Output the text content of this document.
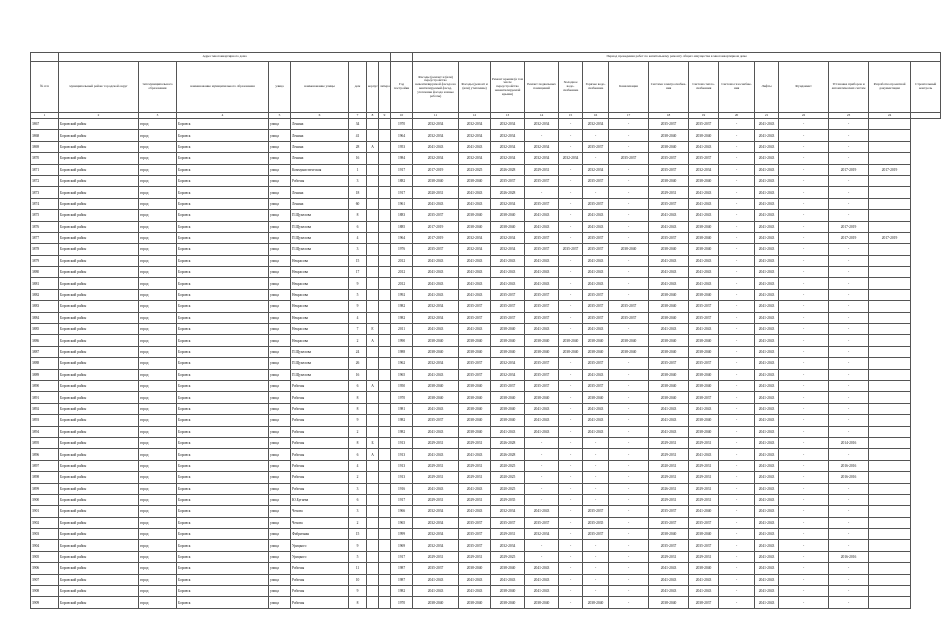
	Адрес многоквартирного дома									Период проведения работ по капитальному ремонту общего имущества в многоквартирном доме														
№ п/п	муниципальный район/ городской округ	тип муниципального образования	наименование муниципального образования	улица	наименование улицы	дом	корпус	литера	Год постройки	Фасады (ремонт и (или) переустройство невентилируемой фасада на вентилируемый фасад, утепление фасада и иные работы)	Фасады (ремонт и (или) утепление)	Ремонт крыши (в том числе переустройство невентилируемой крыши)	Ремонт подвальных помещений	Холодное водо-снабжение	Горячее водо-снабжение	Канализация	Система электроснабже-ния	Система тепло-снабжения	Система газоснабже-ния	Лифты	Фундамент	Установка приборов и автоматических систем	Разработка проектной документации	Строительный контроль
1	2	3	4	5	6	7	8	9	10	11	12	13	14	15	16	17	18	19	20	21	22	23	24	
3867	Боровский район	город	Боровск	улица	Ленина	34			1970	2032-2034	2032-2034	2032-2034	2032-2034	-	2032-2034	-	2035-2037	2035-2037	-	2041-2043	-	-		
3868	Боровский район	город	Боровск	улица	Ленина	41			1964	2032-2034	2032-2034	2032-2034	-	-	-	-	2038-2040	2038-2040	-	2041-2043	-	-		
3869	Боровский район	город	Боровск	улица	Ленина	28	А		1953	2041-2043	2041-2043	2032-2034	2032-2034	-	2035-2037	-	2038-2040	2041-2043	-	2041-2043	-	-		
3870	Боровский район	город	Боровск	улица	Ленина	16			1984	2032-2034	2032-2034	2032-2034	2032-2034	2032-2034	-	2035-2037	2035-2037	2035-2037	-	2041-2043	-	-		
3871	Боровский район	город	Боровск	улица	Коммунистическая	1			1917	2017-2019	2023-2025	2026-2028	2029-2031	-	2032-2034	-	2035-2037	2032-2034	-	2041-2043	-	2017-2019	2017-2019	
3872	Боровский район	город	Боровск	улица	Рабочая	3			1882	2038-2040	2038-2040	2035-2037	2035-2037	-	2035-2037	-	2038-2040	2038-2040	-	2041-2043	-	-		
3873	Боровский район	город	Боровск	улица	Ленина	18			1917	2020-2031	2041-2043	2026-2028	-	-	-	-	2029-2031	2041-2043	-	2041-2043	-	-		
3874	Боровский район	город	Боровск	улица	Ленина	60			1961	2041-2043	2041-2043	2032-2034	2035-2037	-	2035-2037	-	2035-2037	2041-2043	-	2041-2043	-	-		
3875	Боровский район	город	Боровск	улица	П.Щукелова	8			1883	2035-2037	2038-2040	2038-2040	2041-2043	-	2041-2043	-	2041-2043	2041-2043	-	2041-2043	-	-		
3876	Боровский район	город	Боровск	улица	П.Щукелова	6			1885	2017-2019	2038-2040	2038-2040	2041-2043	-	2041-2043	-	2041-2043	2038-2040	-	2041-2043	-	2017-2019		
3877	Боровский район	город	Боровск	улица	П.Щукелова	4			1964	2017-2019	2032-2034	2032-2034	2035-2037	-	2035-2037	-	2035-2037	2038-2040	-	2041-2043	-	2017-2019	2017-2019	
3878	Боровский район	город	Боровск	улица	П.Щукелова	3			1976	2035-2037	2032-2034	2032-2034	2035-2037	2035-2037	2035-2037	2038-2040	2038-2040	2038-2040	-	2041-2043	-	-		
3879	Боровский район	город	Боровск	улица	Некрасова	15			2012	2041-2043	2041-2043	2041-2043	2041-2043	-	2041-2043	-	2041-2043	2041-2043	-	2041-2043	-	-		
3880	Боровский район	город	Боровск	улица	Некрасова	17			2012	2041-2043	2041-2043	2041-2043	2041-2043	-	2041-2043	-	2041-2043	2041-2043	-	2041-2043	-	-		
3881	Боровский район	город	Боровск	улица	Некрасова	9			2012	2041-2043	2041-2043	2041-2043	2041-2043	-	2041-2043	-	2041-2043	2041-2043	-	2041-2043	-	-		
3882	Боровский район	город	Боровск	улица	Некрасова	5			1992	2041-2043	2041-2043	2035-2037	2035-2037	-	2035-2037	-	2038-2040	2038-2040	-	2041-2043	-	-		
3883	Боровский район	город	Боровск	улица	Некрасова	9			1982	2032-2034	2035-2037	2035-2037	2035-2037	-	2035-2037	2035-2037	2038-2040	2035-2037	-	2041-2043	-	-		
3884	Боровский район	город	Боровск	улица	Некрасова	4			1982	2032-2034	2035-2037	2035-2037	2035-2037	-	2035-2037	2035-2037	2038-2040	2035-2037	-	2041-2043	-	-		
3885	Боровский район	город	Боровск	улица	Некрасова	7	Е		2011	2041-2043	2041-2043	2038-2040	2041-2043	-	2041-2043	-	2041-2043	2041-2043	-	2041-2043	-	-		
3886	Боровский район	город	Боровск	улица	Некрасова	2	А		1990	2038-2040	2038-2040	2038-2040	2038-2040	2038-2040	2038-2040	2038-2040	2038-2040	2038-2040	-	2041-2043	-	-		
3887	Боровский район	город	Боровск	улица	П.Щукелова	24			1988	2038-2040	2038-2040	2038-2040	2038-2040	2038-2040	2038-2040	2038-2040	2038-2040	2038-2040	-	2041-2043	-	-		
3888	Боровский район	город	Боровск	улица	П.Щукелова	26			1962	2032-2034	2035-2037	2032-2034	2035-2037	-	2035-2037	-	2035-2037	2035-2037	-	2041-2043	-	-		
3889	Боровский район	город	Боровск	улица	П.Щукелова	16			1965	2041-2043	2035-2037	2032-2034	2035-2037	-	2041-2043	-	2038-2040	2038-2040	-	2041-2043	-	-		
3890	Боровский район	город	Боровск	улица	Рабочая	6	А		1950	2038-2040	2038-2040	2035-2037	2035-2037	-	2035-2037	-	2038-2040	2038-2040	-	2041-2043	-	-		
3891	Боровский район	город	Боровск	улица	Рабочая	8			1970	2038-2040	2038-2040	2038-2040	2038-2040	-	2038-2040	-	2038-2040	2038-2037	-	2041-2043	-	-		
3892	Боровский район	город	Боровск	улица	Рабочая	8			1981	2041-2043	2038-2040	2038-2040	2041-2043	-	2041-2043	-	2041-2043	2041-2043	-	2041-2043	-	-		
3893	Боровский район	город	Боровск	улица	Рабочая	9			1982	2035-2037	2038-2040	2038-2040	2041-2043	-	2041-2043	-	2041-2043	2038-2040	-	2041-2043	-	-		
3894	Боровский район	город	Боровск	улица	Рабочая	2			1982	2041-2043	2038-2040	2041-2043	2041-2043	-	2041-2043	-	2041-2043	2038-2040	-	2041-2043	-	-		
3895	Боровский район	город	Боровск	улица	Рабочая	8	Б		1913	2029-2031	2029-2031	2026-2028	-	-	-	-	2029-2031	2029-2031	-	2041-2043	-	2014-2016		
3896	Боровский район	город	Боровск	улица	Рабочая	6	А		1913	2041-2043	2041-2043	2026-2028	-	-	-	-	2029-2031	2041-2043	-	2041-2043	-	-		
3897	Боровский район	город	Боровск	улица	Рабочая	4			1913	2029-2031	2029-2031	2020-2025	-	-	-	-	2020-2031	2029-2031	-	2041-2043	-	2016-2016		
3898	Боровский район	город	Боровск	улица	Рабочая	2			1913	2029-2031	2029-2031	2020-2025	-	-	-	-	2029-2031	2029-2031	-	2041-2043	-	2016-2016		
3899	Боровский район	город	Боровск	улица	Рабочая	3			1916	2041-2043	2041-2043	2020-2025	-	-	-	-	2026-2031	2029-2031	-	2041-2043	-	-		
3900	Боровский район	город	Боровск	улица	Ю.Бугаева	6			1917	2029-2031	2029-2031	2029-2035	-	-	-	-	2029-2031	2029-2031	-	2041-2043	-	-		
3901	Боровский район	город	Боровск	улица	Чехова	3			1966	2032-2034	2041-2043	2032-2034	2041-2043	-	2035-2037	-	2035-2037	2041-2040	-	2041-2043	-	-		
3902	Боровский район	город	Боровск	улица	Чехова	2			1965	2032-2034	2035-2037	2035-2037	2035-2037	-	2035-2035	-	2035-2037	2035-2037	-	2041-2043	-	-		
3903	Боровский район	город	Боровск	улица	Фабричная	15			1999	2032-2034	2035-2037	2029-2031	2032-2034	-	2035-2037	-	2038-2040	2038-2040	-	2041-2043	-	-		
3904	Боровский район	город	Боровск	улица	Урицкого	9			1969	2032-2034	2035-2037	2032-2034	-	-	-	-	2035-2037	2035-2037	-	2041-2043	-	-		
3905	Боровский район	город	Боровск	улица	Урицкого	5			1917	2029-2031	2029-2031	2029-2025	-	-	-	-	2029-2031	2029-2031	-	2041-2043	-	2016-2016		
3906	Боровский район	город	Боровск	улица	Рабочая	11			1987	2035-2037	2038-2040	2038-2040	2041-2043	-	-	-	2041-2043	2038-2040	-	2041-2043	-	-		
3907	Боровский район	город	Боровск	улица	Рабочая	10			1987	2041-2043	2041-2043	2041-2043	2041-2043	-	-	-	2041-2043	2041-2043	-	2041-2043	-	-		
3908	Боровский район	город	Боровск	улица	Рабочая	9			1982	2041-2043	2041-2043	2038-2040	2041-2043	-	-	-	2041-2043	2041-2043	-	2041-2043	-	-		
3909	Боровский район	город	Боровск	улица	Рабочая	8			1970	2038-2040	2038-2040	2038-2040	2038-2040	-	2038-2040	-	2038-2040	2038-2037	-	2041-2043	-	-		
